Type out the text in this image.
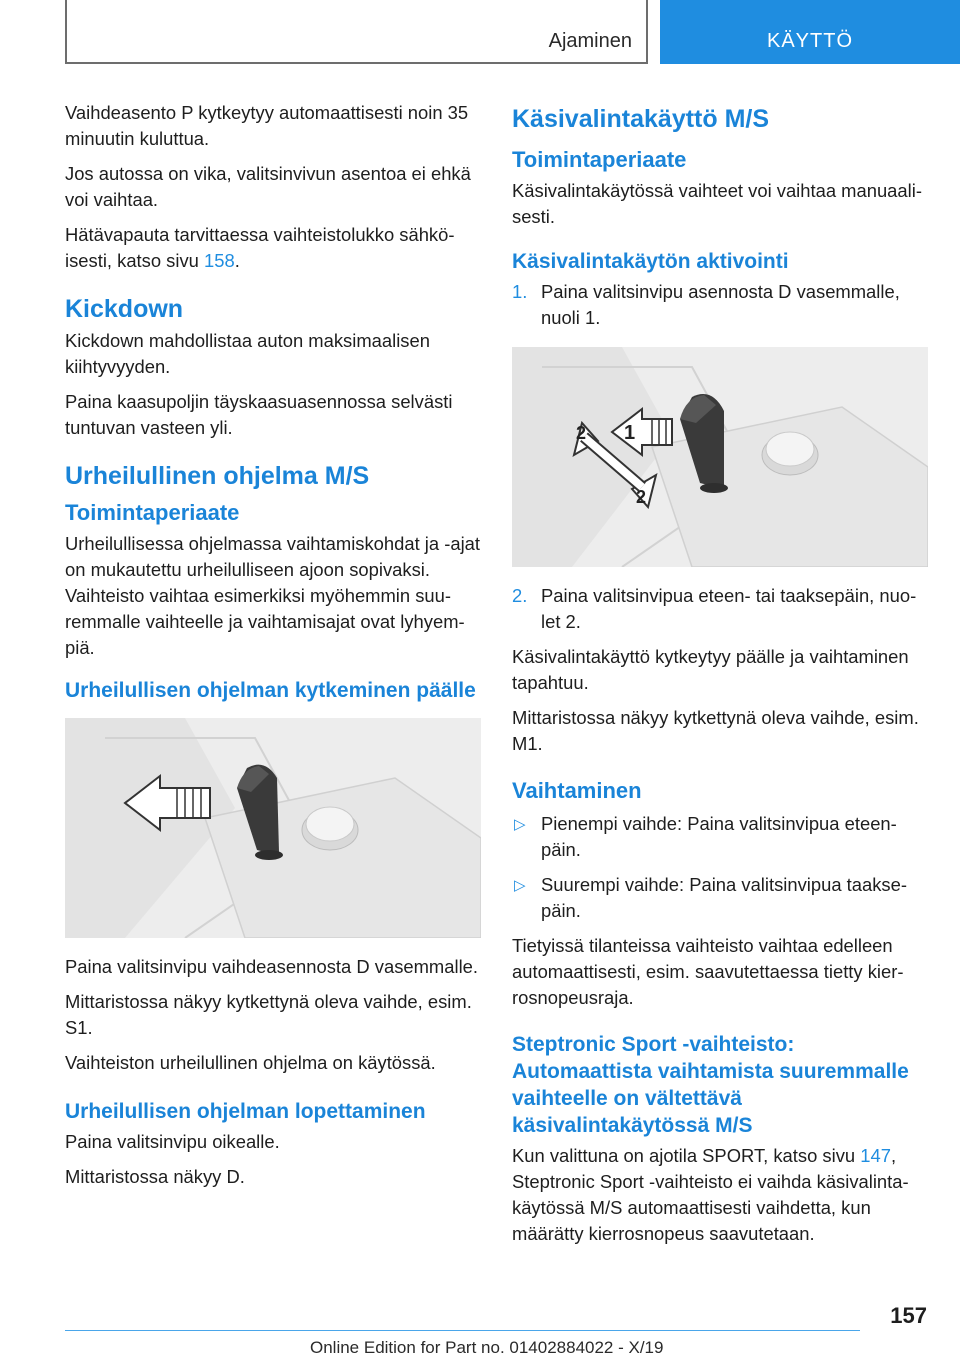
Ajaminen	KÄYTTÖ

Vaihdeasento P kytkeytyy automaattisesti noin 35 minuutin kuluttua.

Jos autossa on vika, valitsinvivun asentoa ei ehkä voi vaihtaa.

Hätävapauta tarvittaessa vaihteistolukko sähköisesti, katso sivu 158.

Kickdown

Kickdown mahdollistaa auton maksimaalisen kiihtyvyyden.

Paina kaasupoljin täyskaasuasennossa selvästi tuntuvan vasteen yli.

Urheilullinen ohjelma M/S
Toimintaperiaate

Urheilullisessa ohjelmassa vaihtamiskohdat ja -ajat on mukautettu urheilulliseen ajoon sopivaksi. Vaihteisto vaihtaa esimerkiksi myöhemmin suuremmalle vaihteelle ja vaihtamisajat ovat lyhyempiä.

Urheilullisen ohjelman kytkeminen päälle

Paina valitsinvipu vaihdeasennosta D vasemmalle.

Mittaristossa näkyy kytkettynä oleva vaihde, esim. S1.

Vaihteiston urheilullinen ohjelma on käytössä.

Urheilullisen ohjelman lopettaminen

Paina valitsinvipu oikealle.

Mittaristossa näkyy D.

Käsivalintakäyttö M/S
Toimintaperiaate

Käsivalintakäytössä vaihteet voi vaihtaa manuaalisesti.

Käsivalintakäytön aktivointi
1. Paina valitsinvipu asennosta D vasemmalle, nuoli 1.
1
2
2
2. Paina valitsinvipua eteen- tai taaksepäin, nuolet 2.

Käsivalintakäyttö kytkeytyy päälle ja vaihtaminen tapahtuu.

Mittaristossa näkyy kytkettynä oleva vaihde, esim. M1.

Vaihtaminen
▷ Pienempi vaihde: Paina valitsinvipua eteenpäin.
▷ Suurempi vaihde: Paina valitsinvipua taaksepäin.

Tietyissä tilanteissa vaihteisto vaihtaa edelleen automaattisesti, esim. saavutettaessa tietty kierrosnopeusraja.

Steptronic Sport -vaihteisto: Automaattista vaihtamista suuremmalle vaihteelle on vältettävä käsivalintakäytössä M/S

Kun valittuna on ajotila SPORT, katso sivu 147, Steptronic Sport -vaihteisto ei vaihda käsivalintakäytössä M/S automaattisesti vaihdetta, kun määrätty kierrosnopeus saavutetaan.

157
Online Edition for Part no. 01402884022 - X/19
